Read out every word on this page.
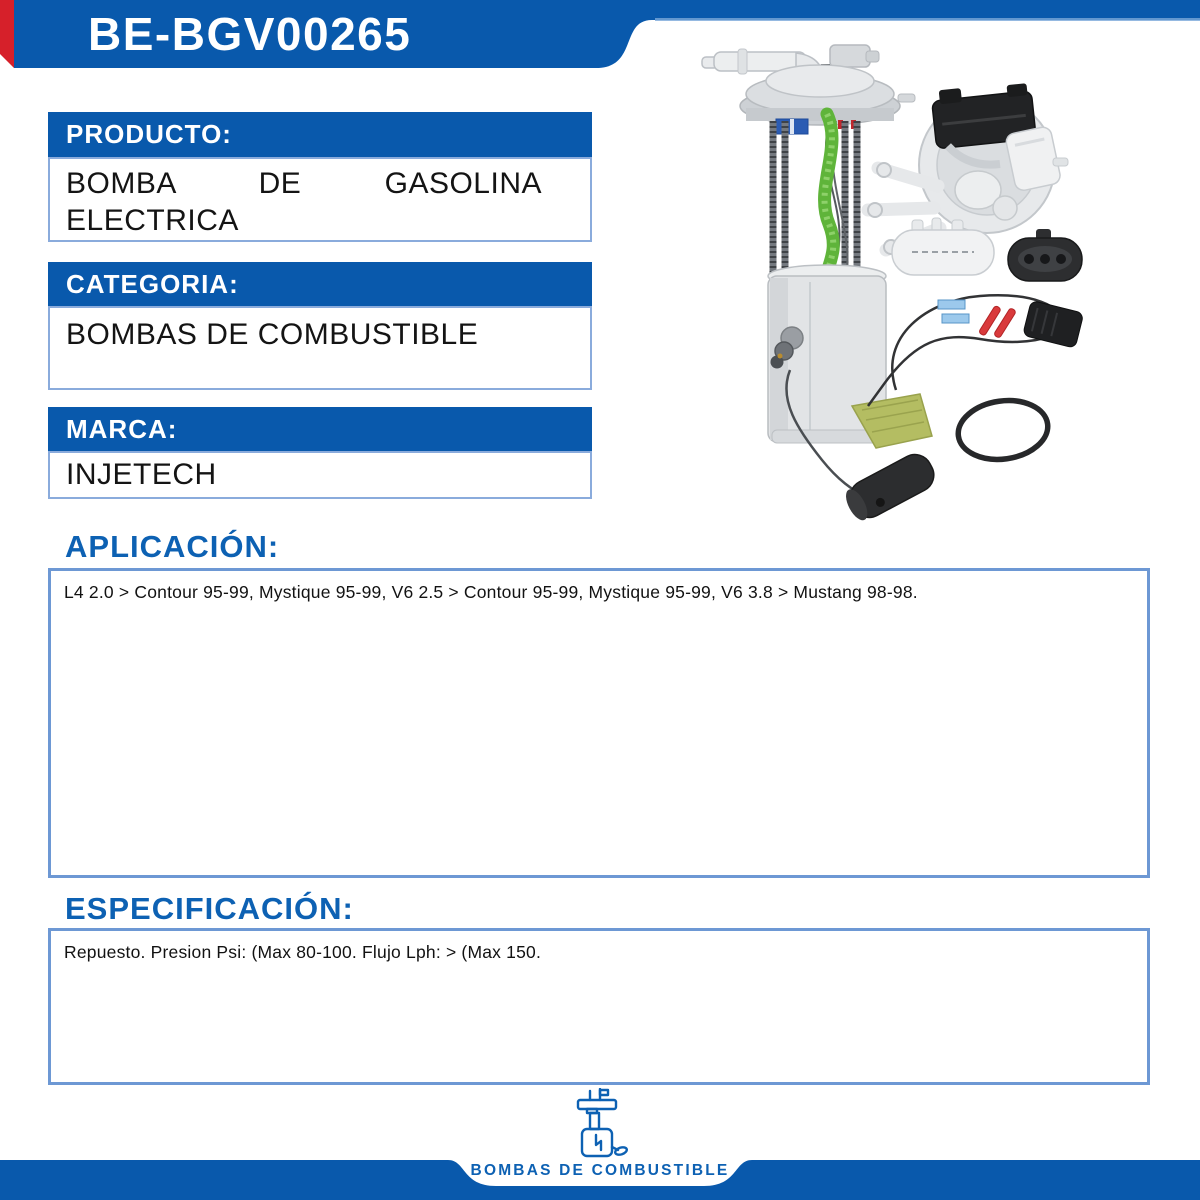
BE-BGV00265
PRODUCTO:
BOMBA DE GASOLINA ELECTRICA
CATEGORIA:
BOMBAS DE COMBUSTIBLE
MARCA:
INJETECH
APLICACIÓN:
L4 2.0 > Contour 95-99, Mystique 95-99, V6 2.5 > Contour 95-99, Mystique 95-99, V6 3.8 > Mustang 98-98.
ESPECIFICACIÓN:
Repuesto. Presion Psi: (Max 80-100. Flujo Lph: > (Max 150.
BOMBAS DE COMBUSTIBLE
